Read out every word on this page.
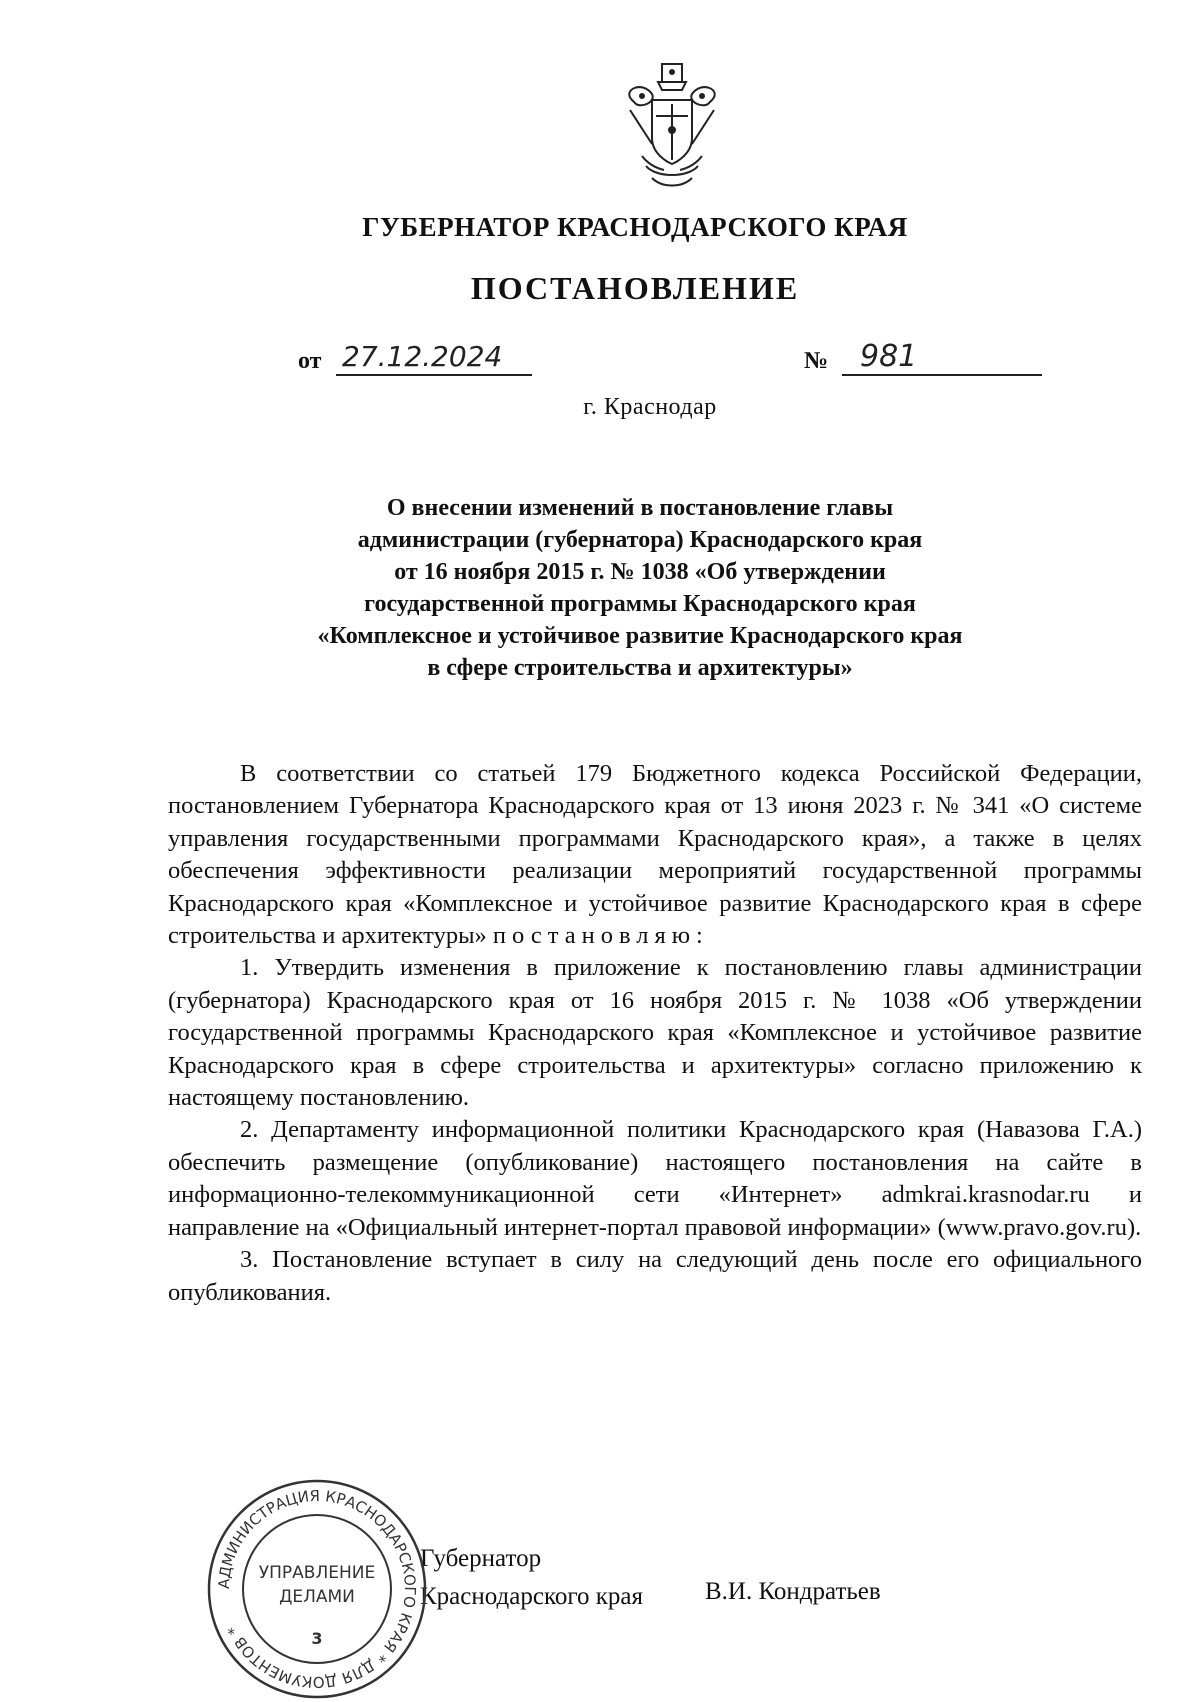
ГУБЕРНАТОР КРАСНОДАРСКОГО КРАЯ
ПОСТАНОВЛЕНИЕ
от 27.12.2024	№	981
г. Краснодар
О внесении изменений в постановление главы
администрации (губернатора) Краснодарского края
от 16 ноября 2015 г. № 1038 «Об утверждении
государственной программы Краснодарского края
«Комплексное и устойчивое развитие Краснодарского края
в сфере строительства и архитектуры»

В соответствии со статьей 179 Бюджетного кодекса Российской Федерации, постановлением Губернатора Краснодарского края от 13 июня 2023 г. № 341 «О системе управления государственными программами Краснодарского края», а также в целях обеспечения эффективности реализации мероприятий государственной программы Краснодарского края «Комплексное и устойчивое развитие Краснодарского края в сфере строительства и архитектуры» постановляю:

1. Утвердить изменения в приложение к постановлению главы администрации (губернатора) Краснодарского края от 16 ноября 2015 г. № 1038 «Об утверждении государственной программы Краснодарского края «Комплексное и устойчивое развитие Краснодарского края в сфере строительства и архитектуры» согласно приложению к настоящему постановлению.

2. Департаменту информационной политики Краснодарского края (Навазова Г.А.) обеспечить размещение (опубликование) настоящего постановления на сайте в информационно-телекоммуникационной сети «Интернет» admkrai.krasnodar.ru и направление на «Официальный интернет-портал правовой информации» (www.pravo.gov.ru).

3. Постановление вступает в силу на следующий день после его официального опубликования.

Губернатор
Краснодарского края В.И. Кондратьев
АДМИНИСТРАЦИЯ КРАСНОДАРСКОГО КРАЯ * ДЛЯ ДОКУМЕНТОВ *
УПРАВЛЕНИЕ
ДЕЛАМИ
3
